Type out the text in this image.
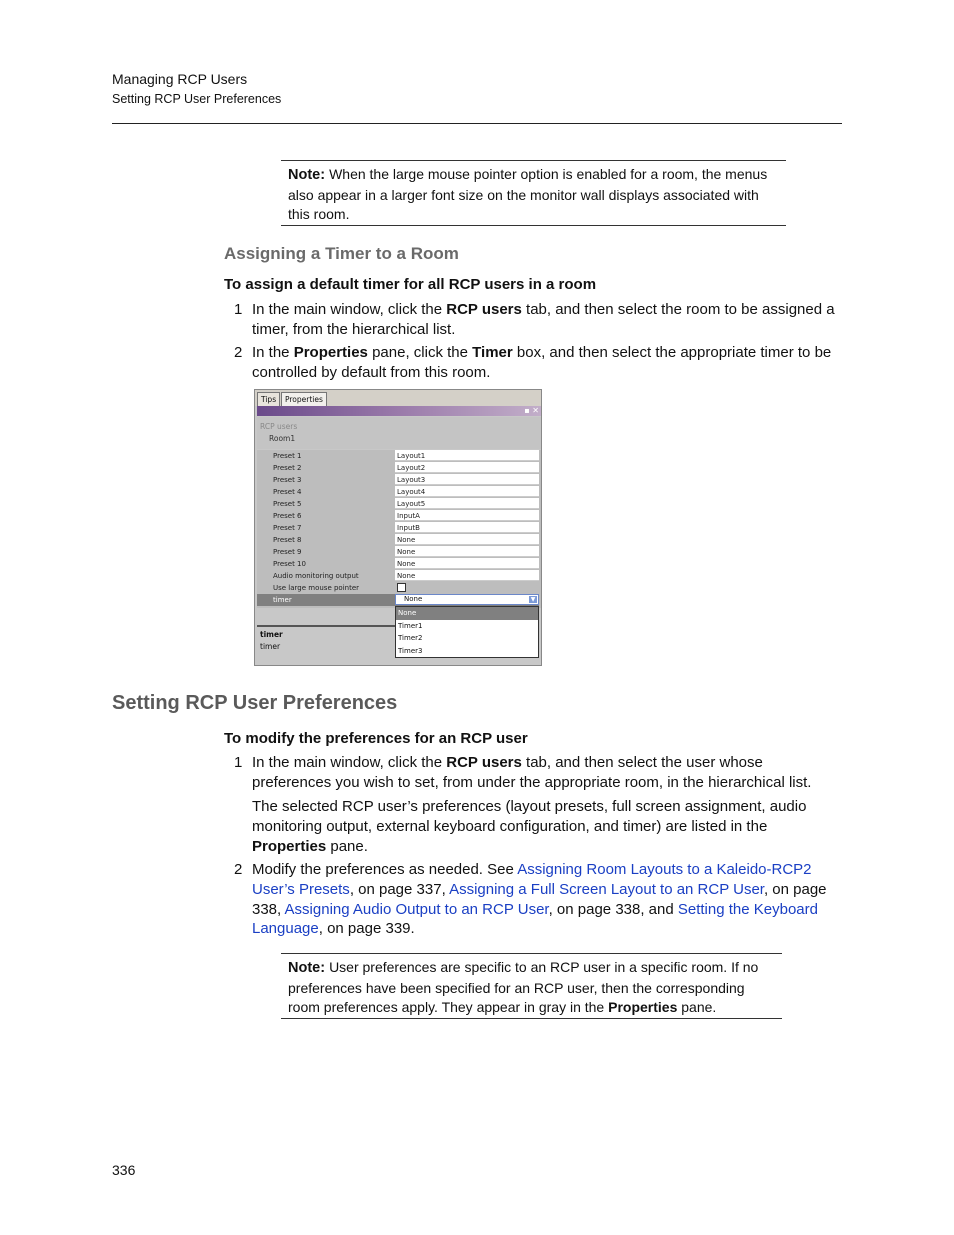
Managing RCP Users
Setting RCP User Preferences
Note: When the large mouse pointer option is enabled for a room, the menus also appear in a larger font size on the monitor wall displays associated with this room.
Assigning a Timer to a Room
To assign a default timer for all RCP users in a room
1 In the main window, click the RCP users tab, and then select the room to be assigned a timer, from the hierarchical list.
2 In the Properties pane, click the Timer box, and then select the appropriate timer to be controlled by default from this room.
Tips	Properties
▪ ✕
RCP users
Room1
Preset 1	Layout1
Preset 2	Layout2
Preset 3	Layout3
Preset 4	Layout4
Preset 5	Layout5
Preset 6	InputA
Preset 7	InputB
Preset 8	None
Preset 9	None
Preset 10	None
Audio monitoring output	None
Use large mouse pointer
timer	None	▼
None
Timer1
Timer2
Timer3
timer
timer
Setting RCP User Preferences
To modify the preferences for an RCP user
1 In the main window, click the RCP users tab, and then select the user whose preferences you wish to set, from under the appropriate room, in the hierarchical list.
The selected RCP user’s preferences (layout presets, full screen assignment, audio monitoring output, external keyboard configuration, and timer) are listed in the Properties pane.
2 Modify the preferences as needed. See Assigning Room Layouts to a Kaleido-RCP2 User’s Presets, on page 337, Assigning a Full Screen Layout to an RCP User, on page 338, Assigning Audio Output to an RCP User, on page 338, and Setting the Keyboard Language, on page 339.
Note: User preferences are specific to an RCP user in a specific room. If no preferences have been specified for an RCP user, then the corresponding room preferences apply. They appear in gray in the Properties pane.
336
